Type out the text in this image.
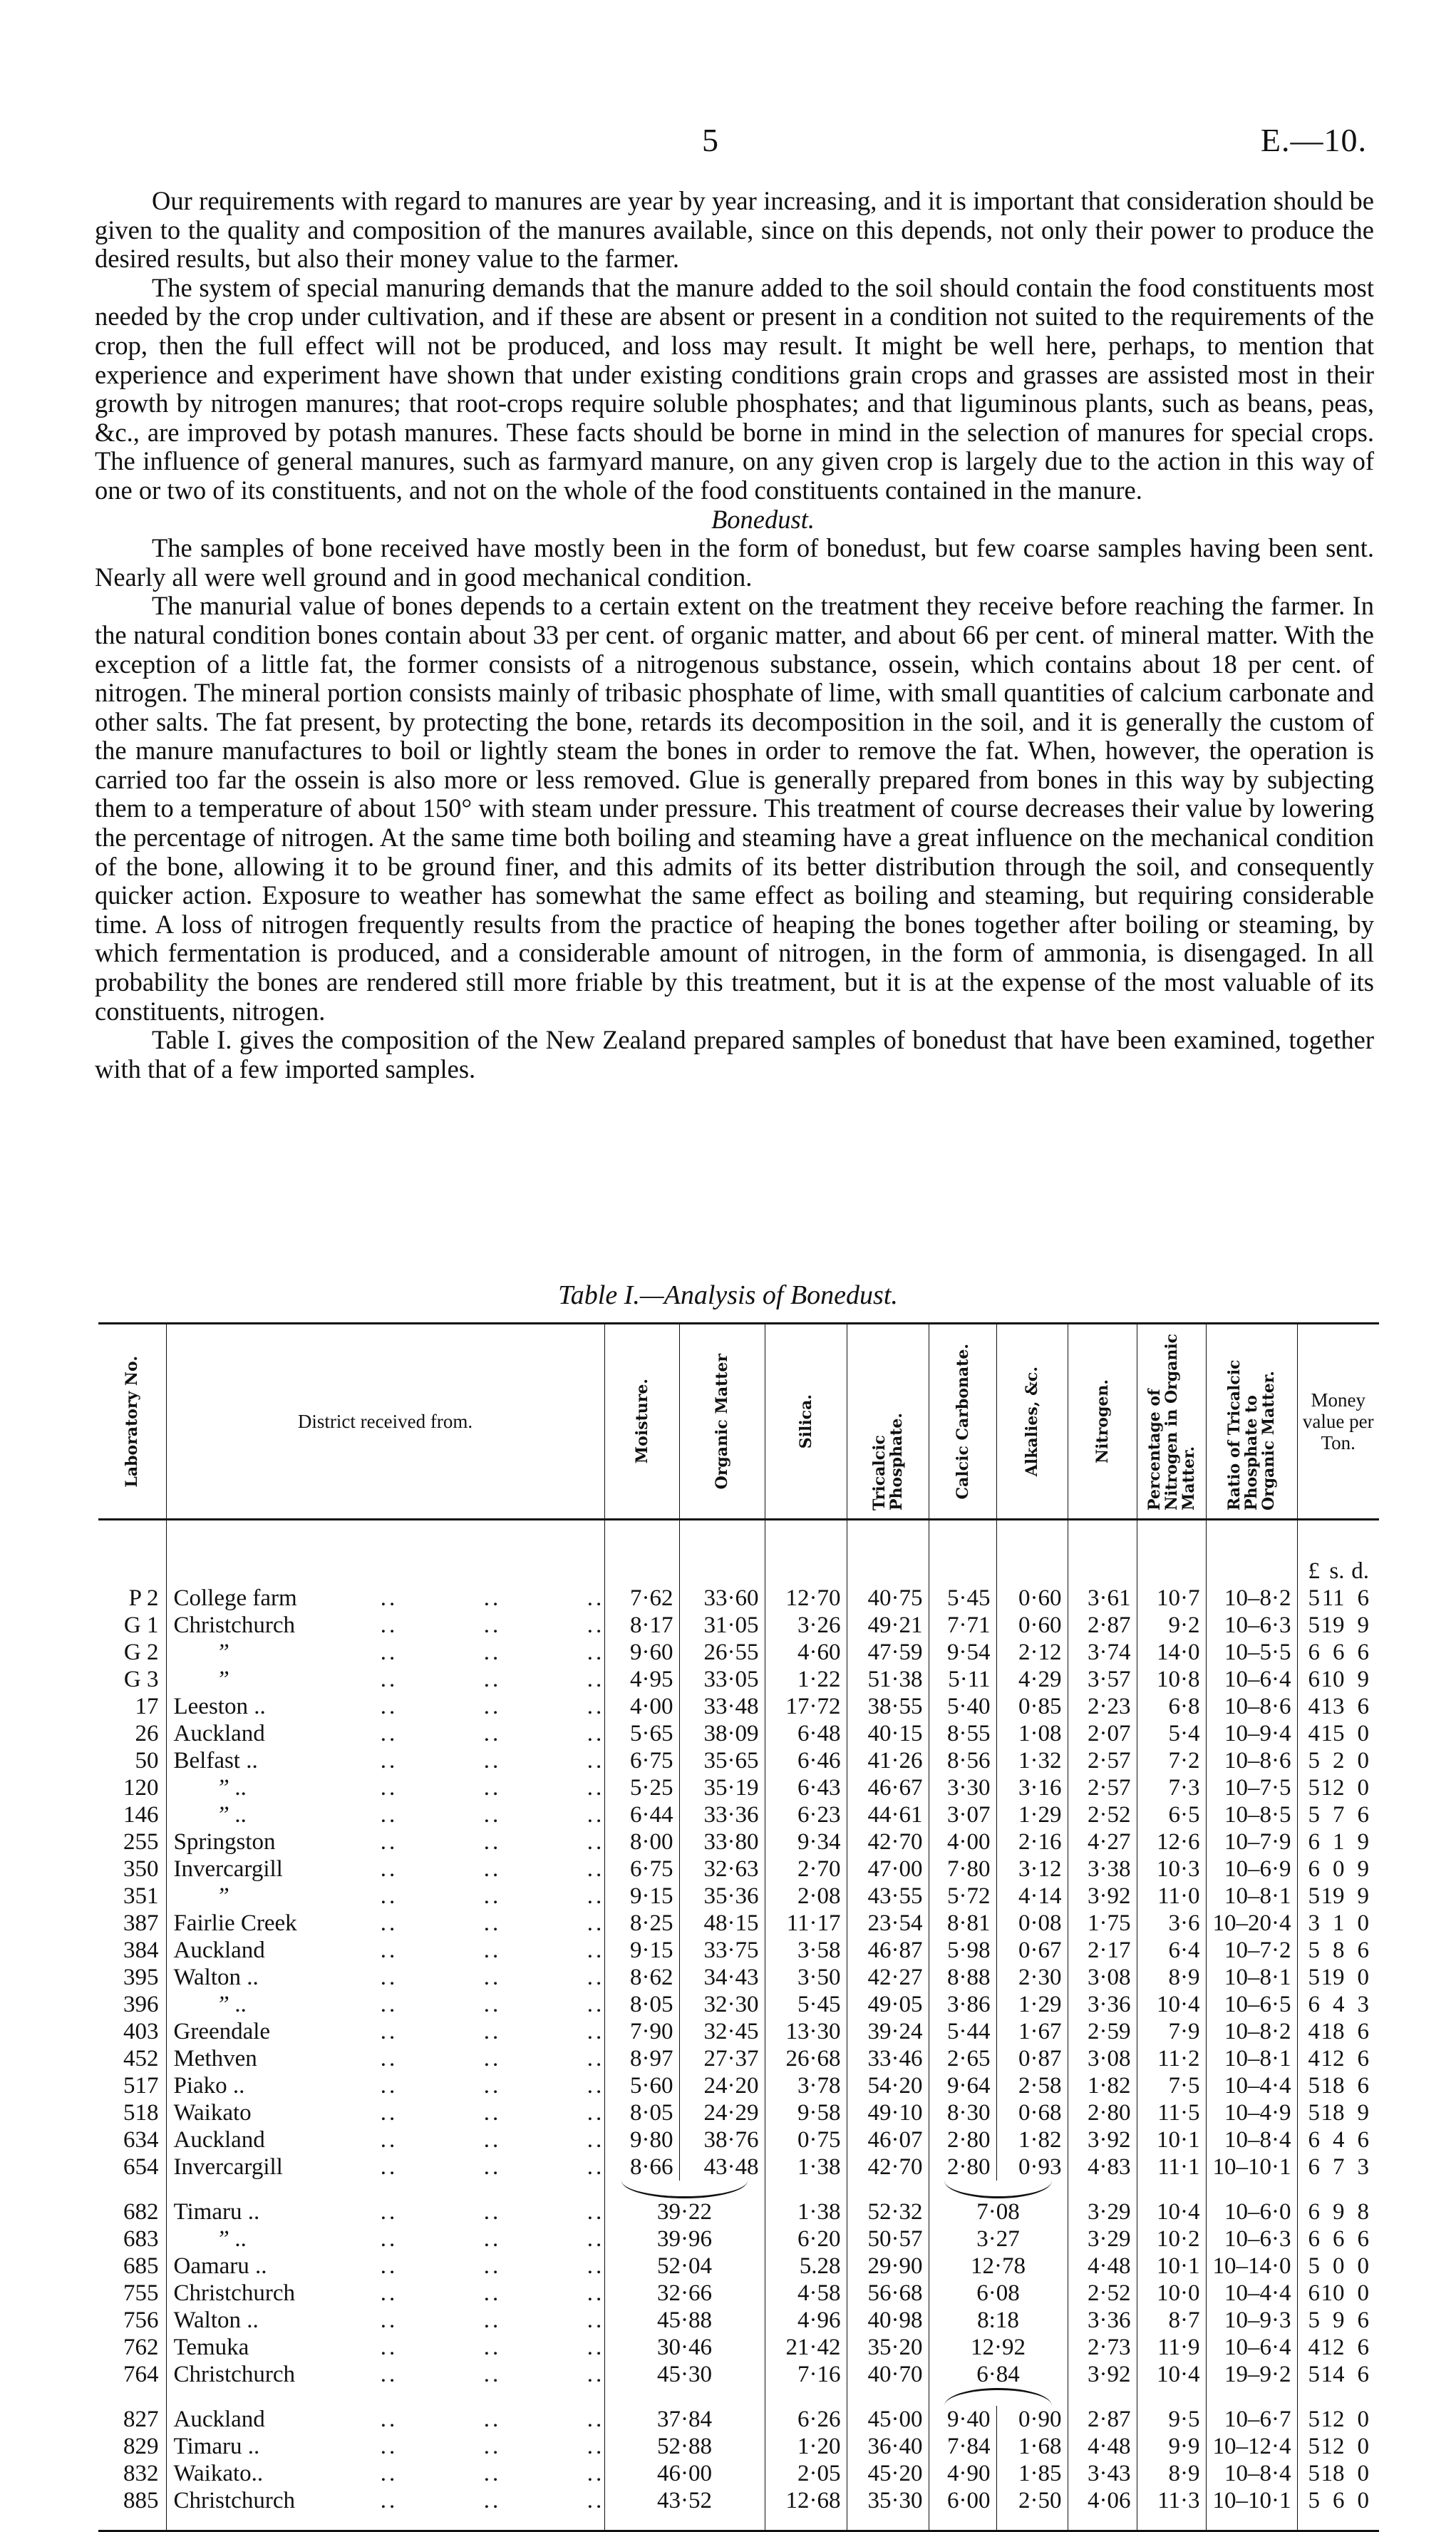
5	E.—10.

Our requirements with regard to manures are year by year increasing, and it is important that consideration should be given to the quality and composition of the manures available, since on this depends, not only their power to produce the desired results, but also their money value to the farmer.

The system of special manuring demands that the manure added to the soil should contain the food constituents most needed by the crop under cultivation, and if these are absent or present in a condition not suited to the requirements of the crop, then the full effect will not be produced, and loss may result. It might be well here, perhaps, to mention that experience and experiment have shown that under existing conditions grain crops and grasses are assisted most in their growth by nitrogen manures; that root-crops require soluble phosphates; and that liguminous plants, such as beans, peas, &c., are improved by potash manures. These facts should be borne in mind in the selection of manures for special crops. The influence of general manures, such as farmyard manure, on any given crop is largely due to the action in this way of one or two of its constituents, and not on the whole of the food constituents contained in the manure.

Bonedust.

The samples of bone received have mostly been in the form of bonedust, but few coarse samples having been sent. Nearly all were well ground and in good mechanical condition.

The manurial value of bones depends to a certain extent on the treatment they receive before reaching the farmer. In the natural condition bones contain about 33 per cent. of organic matter, and about 66 per cent. of mineral matter. With the exception of a little fat, the former consists of a nitrogenous substance, ossein, which contains about 18 per cent. of nitrogen. The mineral portion consists mainly of tribasic phosphate of lime, with small quantities of calcium carbonate and other salts. The fat present, by protecting the bone, retards its decomposition in the soil, and it is generally the custom of the manure manufactures to boil or lightly steam the bones in order to remove the fat. When, however, the operation is carried too far the ossein is also more or less removed. Glue is generally prepared from bones in this way by subjecting them to a temperature of about 150° with steam under pressure. This treatment of course decreases their value by lowering the percentage of nitrogen. At the same time both boiling and steaming have a great influence on the mechanical condition of the bone, allowing it to be ground finer, and this admits of its better distribution through the soil, and consequently quicker action. Exposure to weather has somewhat the same effect as boiling and steaming, but requiring considerable time. A loss of nitrogen frequently results from the practice of heaping the bones together after boiling or steaming, by which fermentation is produced, and a considerable amount of nitrogen, in the form of ammonia, is disengaged. In all probability the bones are rendered still more friable by this treatment, but it is at the expense of the most valuable of its constituents, nitrogen.

Table I. gives the composition of the New Zealand prepared samples of bonedust that have been examined, together with that of a few imported samples.

Table I.—Analysis of Bonedust.
Laboratory No.	District received from.	Moisture.	Organic Matter	Silica.	Tricalcic Phosphate.	Calcic Carbonate.	Alkalies, &c.	Nitrogen.	Percentage of Nitrogen in Organic Matter.	Ratio of Tricalcic Phosphate to Organic Matter.	Money value per Ton.

											£ s. d.

P 2	College farm .. .. ..	7·62	33·60	12·70	40·75	5·45	0·60	3·61	10·7	10–8·2	5 11 6

G 1	Christchurch .. .. ..	8·17	31·05	3·26	49·21	7·71	0·60	2·87	9·2	10–6·3	5 19 9

G 2	” .. .. ..	9·60	26·55	4·60	47·59	9·54	2·12	3·74	14·0	10–5·5	6 6 6

G 3	” .. .. ..	4·95	33·05	1·22	51·38	5·11	4·29	3·57	10·8	10–6·4	6 10 9

17	Leeston .. .. .. ..	4·00	33·48	17·72	38·55	5·40	0·85	2·23	6·8	10–8·6	4 13 6

26	Auckland .. .. ..	5·65	38·09	6·48	40·15	8·55	1·08	2·07	5·4	10–9·4	4 15 0

50	Belfast .. .. .. ..	6·75	35·65	6·46	41·26	8·56	1·32	2·57	7·2	10–8·6	5 2 0

120	” .. .. .. ..	5·25	35·19	6·43	46·67	3·30	3·16	2·57	7·3	10–7·5	5 12 0

146	” .. .. .. ..	6·44	33·36	6·23	44·61	3·07	1·29	2·52	6·5	10–8·5	5 7 6

255	Springston .. .. ..	8·00	33·80	9·34	42·70	4·00	2·16	4·27	12·6	10–7·9	6 1 9

350	Invercargill .. .. ..	6·75	32·63	2·70	47·00	7·80	3·12	3·38	10·3	10–6·9	6 0 9

351	” .. .. ..	9·15	35·36	2·08	43·55	5·72	4·14	3·92	11·0	10–8·1	5 19 9

387	Fairlie Creek .. .. ..	8·25	48·15	11·17	23·54	8·81	0·08	1·75	3·6	10–20·4	3 1 0

384	Auckland .. .. ..	9·15	33·75	3·58	46·87	5·98	0·67	2·17	6·4	10–7·2	5 8 6

395	Walton .. .. .. ..	8·62	34·43	3·50	42·27	8·88	2·30	3·08	8·9	10–8·1	5 19 0

396	” .. .. .. ..	8·05	32·30	5·45	49·05	3·86	1·29	3·36	10·4	10–6·5	6 4 3

403	Greendale .. .. ..	7·90	32·45	13·30	39·24	5·44	1·67	2·59	7·9	10–8·2	4 18 6

452	Methven .. .. ..	8·97	27·37	26·68	33·46	2·65	0·87	3·08	11·2	10–8·1	4 12 6

517	Piako .. .. .. ..	5·60	24·20	3·78	54·20	9·64	2·58	1·82	7·5	10–4·4	5 18 6

518	Waikato .. .. ..	8·05	24·29	9·58	49·10	8·30	0·68	2·80	11·5	10–4·9	5 18 9

634	Auckland .. .. ..	9·80	38·76	0·75	46·07	2·80	1·82	3·92	10·1	10–8·4	6 4 6

654	Invercargill .. .. ..	8·66	43·48	1·38	42·70	2·80	0·93	4·83	11·1	10–10·1	6 7 3

682	Timaru .. .. .. ..	39·22		1·38	52·32	7·08		3·29	10·4	10–6·0	6 9 8

683	” .. .. .. ..	39·96		6·20	50·57	3·27		3·29	10·2	10–6·3	6 6 6

685	Oamaru .. .. .. ..	52·04		5.28	29·90	12·78		4·48	10·1	10–14·0	5 0 0

755	Christchurch .. .. ..	32·66		4·58	56·68	6·08		2·52	10·0	10–4·4	6 10 0

756	Walton .. .. .. ..	45·88		4·96	40·98	8:18		3·36	8·7	10–9·3	5 9 6

762	Temuka .. .. ..	30·46		21·42	35·20	12·92		2·73	11·9	10–6·4	4 12 6

764	Christchurch .. .. ..	45·30		7·16	40·70	6·84		3·92	10·4	19–9·2	5 14 6

827	Auckland .. .. ..	37·84		6·26	45·00	9·40	0·90	2·87	9·5	10–6·7	5 12 0

829	Timaru .. .. .. ..	52·88		1·20	36·40	7·84	1·68	4·48	9·9	10–12·4	5 12 0

832	Waikato.. .. .. ..	46·00		2·05	45·20	4·90	1·85	3·43	8·9	10–8·4	5 18 0

885	Christchurch .. .. ..	43·52		12·68	35·30	6·00	2·50	4·06	11·3	10–10·1	5 6 0
